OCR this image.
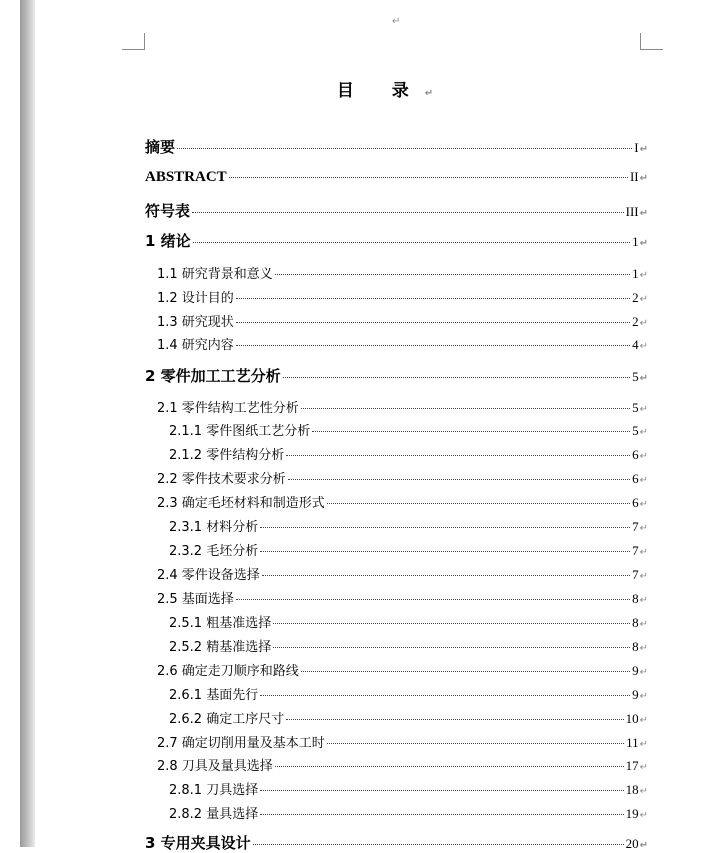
↵
目 录↵
摘要	I ↵
ABSTRACT	II ↵
符号表	III ↵
1 绪论	1 ↵
1.1 研究背景和意义	1 ↵
1.2 设计目的	2 ↵
1.3 研究现状	2 ↵
1.4 研究内容	4 ↵
2 零件加工工艺分析	5 ↵
2.1 零件结构工艺性分析	5 ↵
2.1.1 零件图纸工艺分析	5 ↵
2.1.2 零件结构分析	6 ↵
2.2 零件技术要求分析	6 ↵
2.3 确定毛坯材料和制造形式	6 ↵
2.3.1 材料分析	7 ↵
2.3.2 毛坯分析	7 ↵
2.4 零件设备选择	7 ↵
2.5 基面选择	8 ↵
2.5.1 粗基准选择	8 ↵
2.5.2 精基准选择	8 ↵
2.6 确定走刀顺序和路线	9 ↵
2.6.1 基面先行	9 ↵
2.6.2 确定工序尺寸	10 ↵
2.7 确定切削用量及基本工时	11 ↵
2.8 刀具及量具选择	17 ↵
2.8.1 刀具选择	18 ↵
2.8.2 量具选择	19 ↵
3 专用夹具设计	20 ↵
